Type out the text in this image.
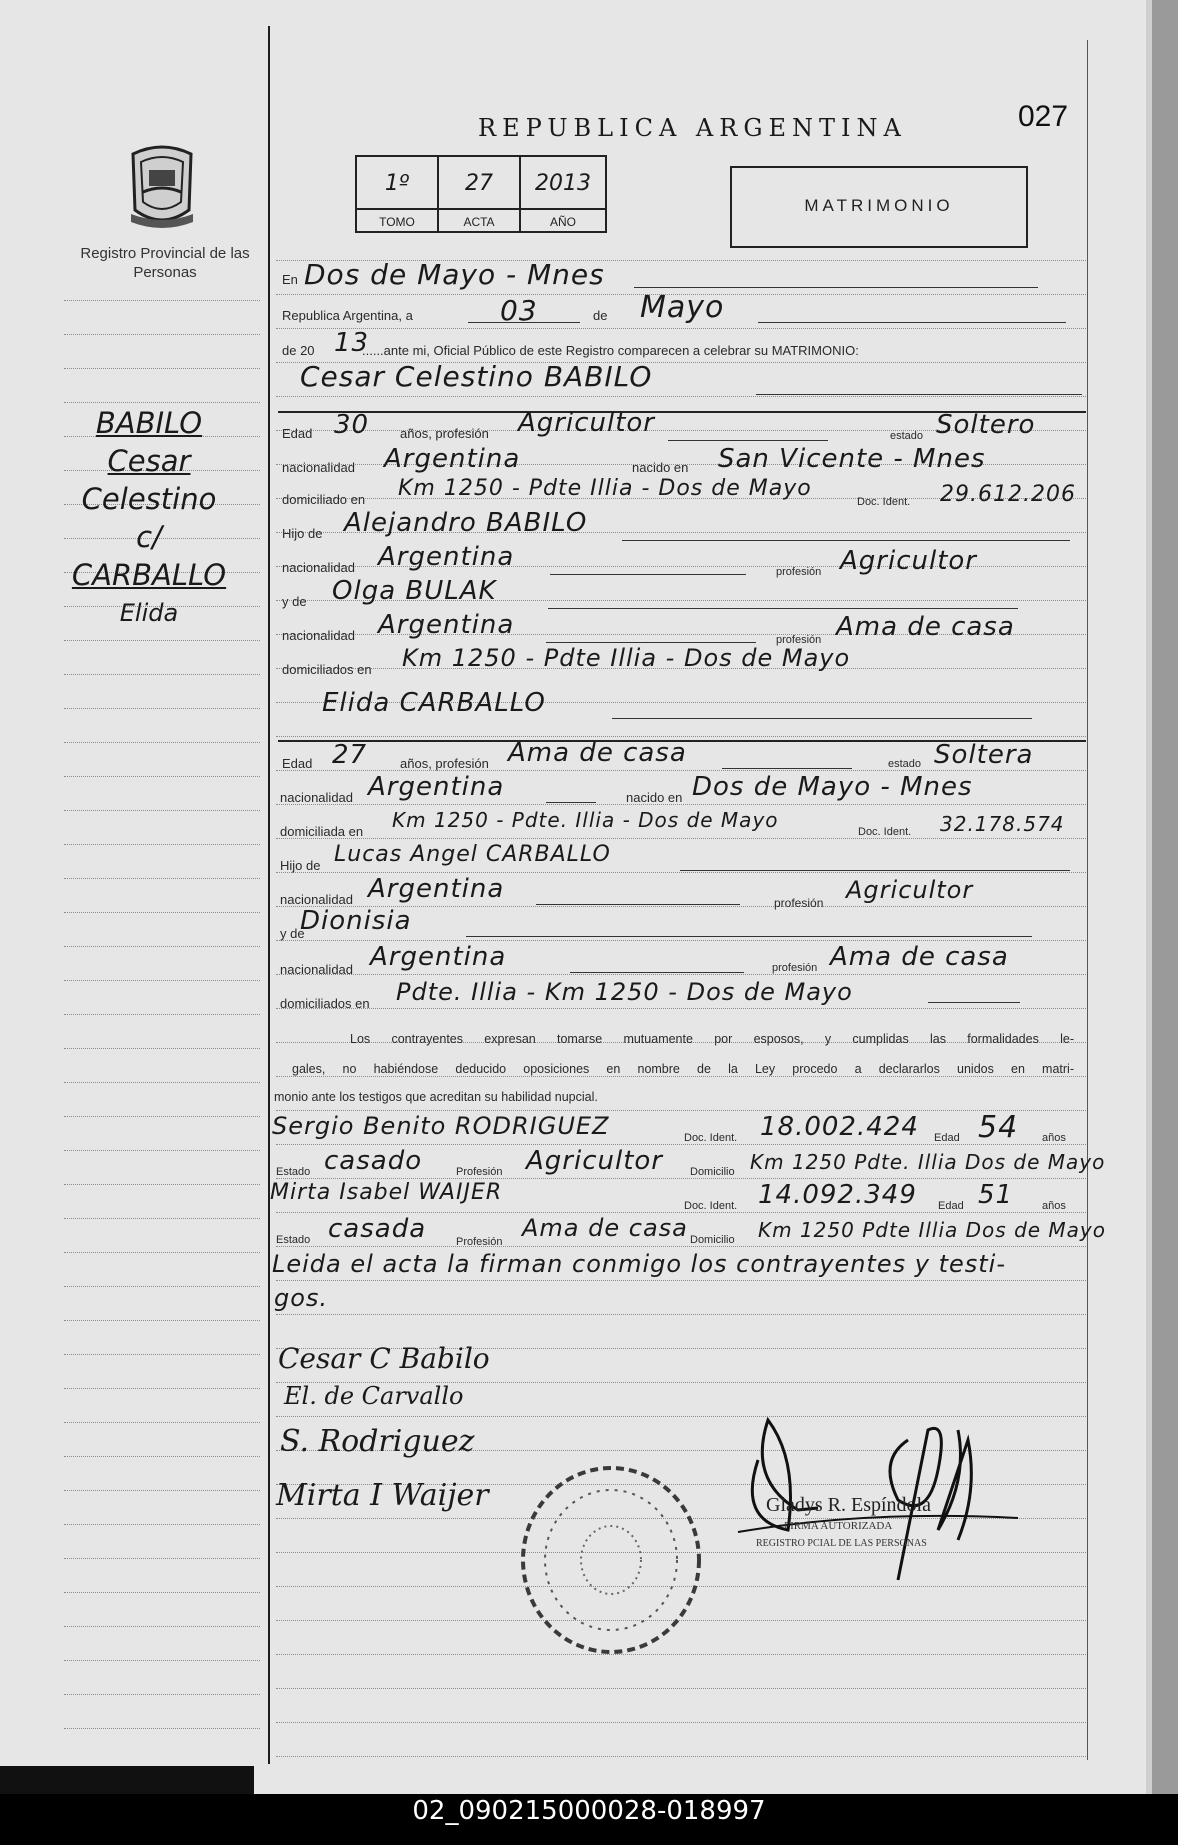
027
REPUBLICA ARGENTINA
Registro Provincial de las Personas
1º
TOMO
27
ACTA
2013
AÑO
MATRIMONIO
BABILO
Cesar
Celestino
c/
CARBALLO
Elida
En Dos de Mayo - Mnes
Republica Argentina, a	03	de Mayo
de 20 13
......ante mi, Oficial Público de este Registro comparecen a celebrar su MATRIMONIO:
Cesar Celestino BABILO
Edad 30 años, profesión Agricultor	estado Soltero
nacionalidad Argentina	nacido en San Vicente - Mnes
domiciliado en Km 1250 - Pdte Illia - Dos de Mayo
Doc. Ident. 29.612.206
Hijo de Alejandro BABILO
nacionalidad Argentina	profesión Agricultor
y de Olga BULAK
nacionalidad Argentina	profesión Ama de casa
domiciliados en Km 1250 - Pdte Illia - Dos de Mayo
Elida CARBALLO
Edad 27	años, profesión Ama de casa	estado Soltera
nacionalidad Argentina	nacido en Dos de Mayo - Mnes
domiciliada en Km 1250 - Pdte. Illia - Dos de Mayo	Doc. Ident. 32.178.574
Hijo de Lucas Angel CARBALLO
nacionalidad Argentina	profesión Agricultor
y de
Dionisia
nacionalidad Argentina	profesión Ama de casa
domiciliados en Pdte. Illia - Km 1250 - Dos de Mayo
Los contrayentes expresan tomarse mutuamente por esposos, y cumplidas las formalidades le-
gales, no habiéndose deducido oposiciones en nombre de la Ley procedo a declararlos unidos en matri-
monio ante los testigos que acreditan su habilidad nupcial.
Sergio Benito RODRIGUEZ	Doc. Ident. 18.002.424 Edad 54 años
Estado casado	Profesión Agricultor Domicilio Km 1250 Pdte. Illia Dos de Mayo
Mirta Isabel WAIJER
Doc. Ident. 14.092.349 Edad 51	años
Estado casada	Profesión Ama de casa Domicilio Km 1250 Pdte Illia Dos de Mayo
Leida el acta la firman conmigo los contrayentes y testi-
gos.
Cesar C Babilo
El. de Carvallo
S. Rodriguez
Mirta I Waijer	Gladys R. Espíndola
FIRMA AUTORIZADA
REGISTRO PCIAL DE LAS PERSONAS
02_090215000028-018997
